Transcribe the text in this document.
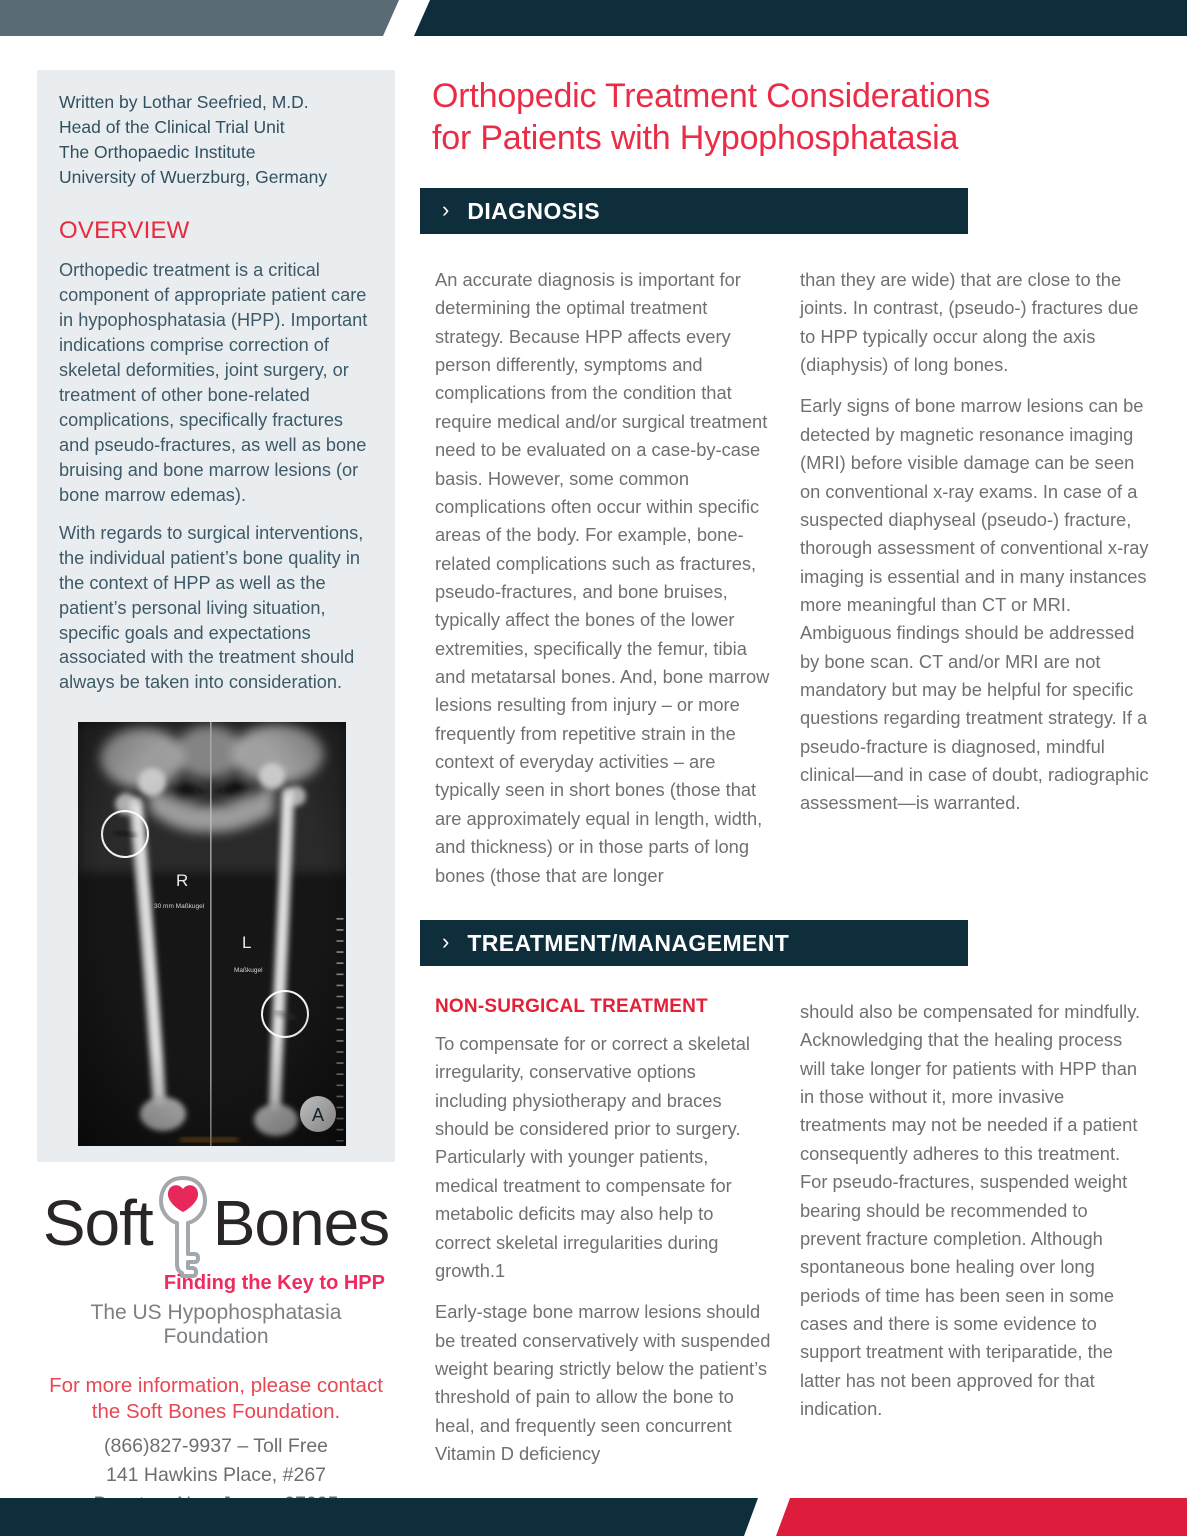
Written by Lothar Seefried, M.D.
Head of the Clinical Trial Unit
The Orthopaedic Institute
University of Wuerzburg, Germany
OVERVIEW

Orthopedic treatment is a critical component of appropriate patient care in hypophosphatasia (HPP). Important indications comprise correction of skeletal deformities, joint surgery, or treatment of other bone-related complications, specifically fractures and pseudo-fractures, as well as bone bruising and bone marrow lesions (or bone marrow edemas).

With regards to surgical interventions, the individual patient’s bone quality in the context of HPP as well as the patient’s personal living situation, specific goals and expectations associated with the treatment should always be taken into consideration.

Orthopedic Treatment Considerations
for Patients with Hypophosphatasia
› DIAGNOSIS

An accurate diagnosis is important for determining the optimal treatment strategy. Because HPP affects every person differently, symptoms and complications from the condition that require medical and/or surgical treatment need to be evaluated on a case-by-case basis. However, some common complications often occur within specific areas of the body. For example, bone-related complications such as fractures, pseudo-fractures, and bone bruises, typically affect the bones of the lower extremities, specifically the femur, tibia and metatarsal bones. And, bone marrow lesions resulting from injury – or more frequently from repetitive strain in the context of everyday activities – are typically seen in short bones (those that are approximately equal in length, width, and thickness) or in those parts of long bones (those that are longer

than they are wide) that are close to the joints. In contrast, (pseudo-) fractures due to HPP typically occur along the axis (diaphysis) of long bones.

Early signs of bone marrow lesions can be detected by magnetic resonance imaging (MRI) before visible damage can be seen on conventional x-ray exams. In case of a suspected diaphyseal (pseudo-) fracture, thorough assessment of conventional x-ray imaging is essential and in many instances more meaningful than CT or MRI. Ambiguous findings should be addressed by bone scan. CT and/or MRI are not mandatory but may be helpful for specific questions regarding treatment strategy. If a pseudo-fracture is diagnosed, mindful clinical—and in case of doubt, radiographic assessment—is warranted.

› TREATMENT/MANAGEMENT
NON-SURGICAL TREATMENT

To compensate for or correct a skeletal irregularity, conservative options including physiotherapy and braces should be considered prior to surgery. Particularly with younger patients, medical treatment to compensate for metabolic deficits may also help to correct skeletal irregularities during growth.1

Early-stage bone marrow lesions should be treated conservatively with suspended weight bearing strictly below the patient’s threshold of pain to allow the bone to heal, and frequently seen concurrent Vitamin D deficiency

should also be compensated for mindfully. Acknowledging that the healing process will take longer for patients with HPP than in those without it, more invasive treatments may not be needed if a patient consequently adheres to this treatment. For pseudo-fractures, suspended weight bearing should be recommended to prevent fracture completion. Although spontaneous bone healing over long periods of time has been seen in some cases and there is some evidence to support treatment with teriparatide, the latter has not been approved for that indication.

Soft Bones
Finding the Key to HPP
The US Hypophosphatasia Foundation
For more information, please contact
the Soft Bones Foundation.
(866)827-9937 – Toll Free
141 Hawkins Place, #267
